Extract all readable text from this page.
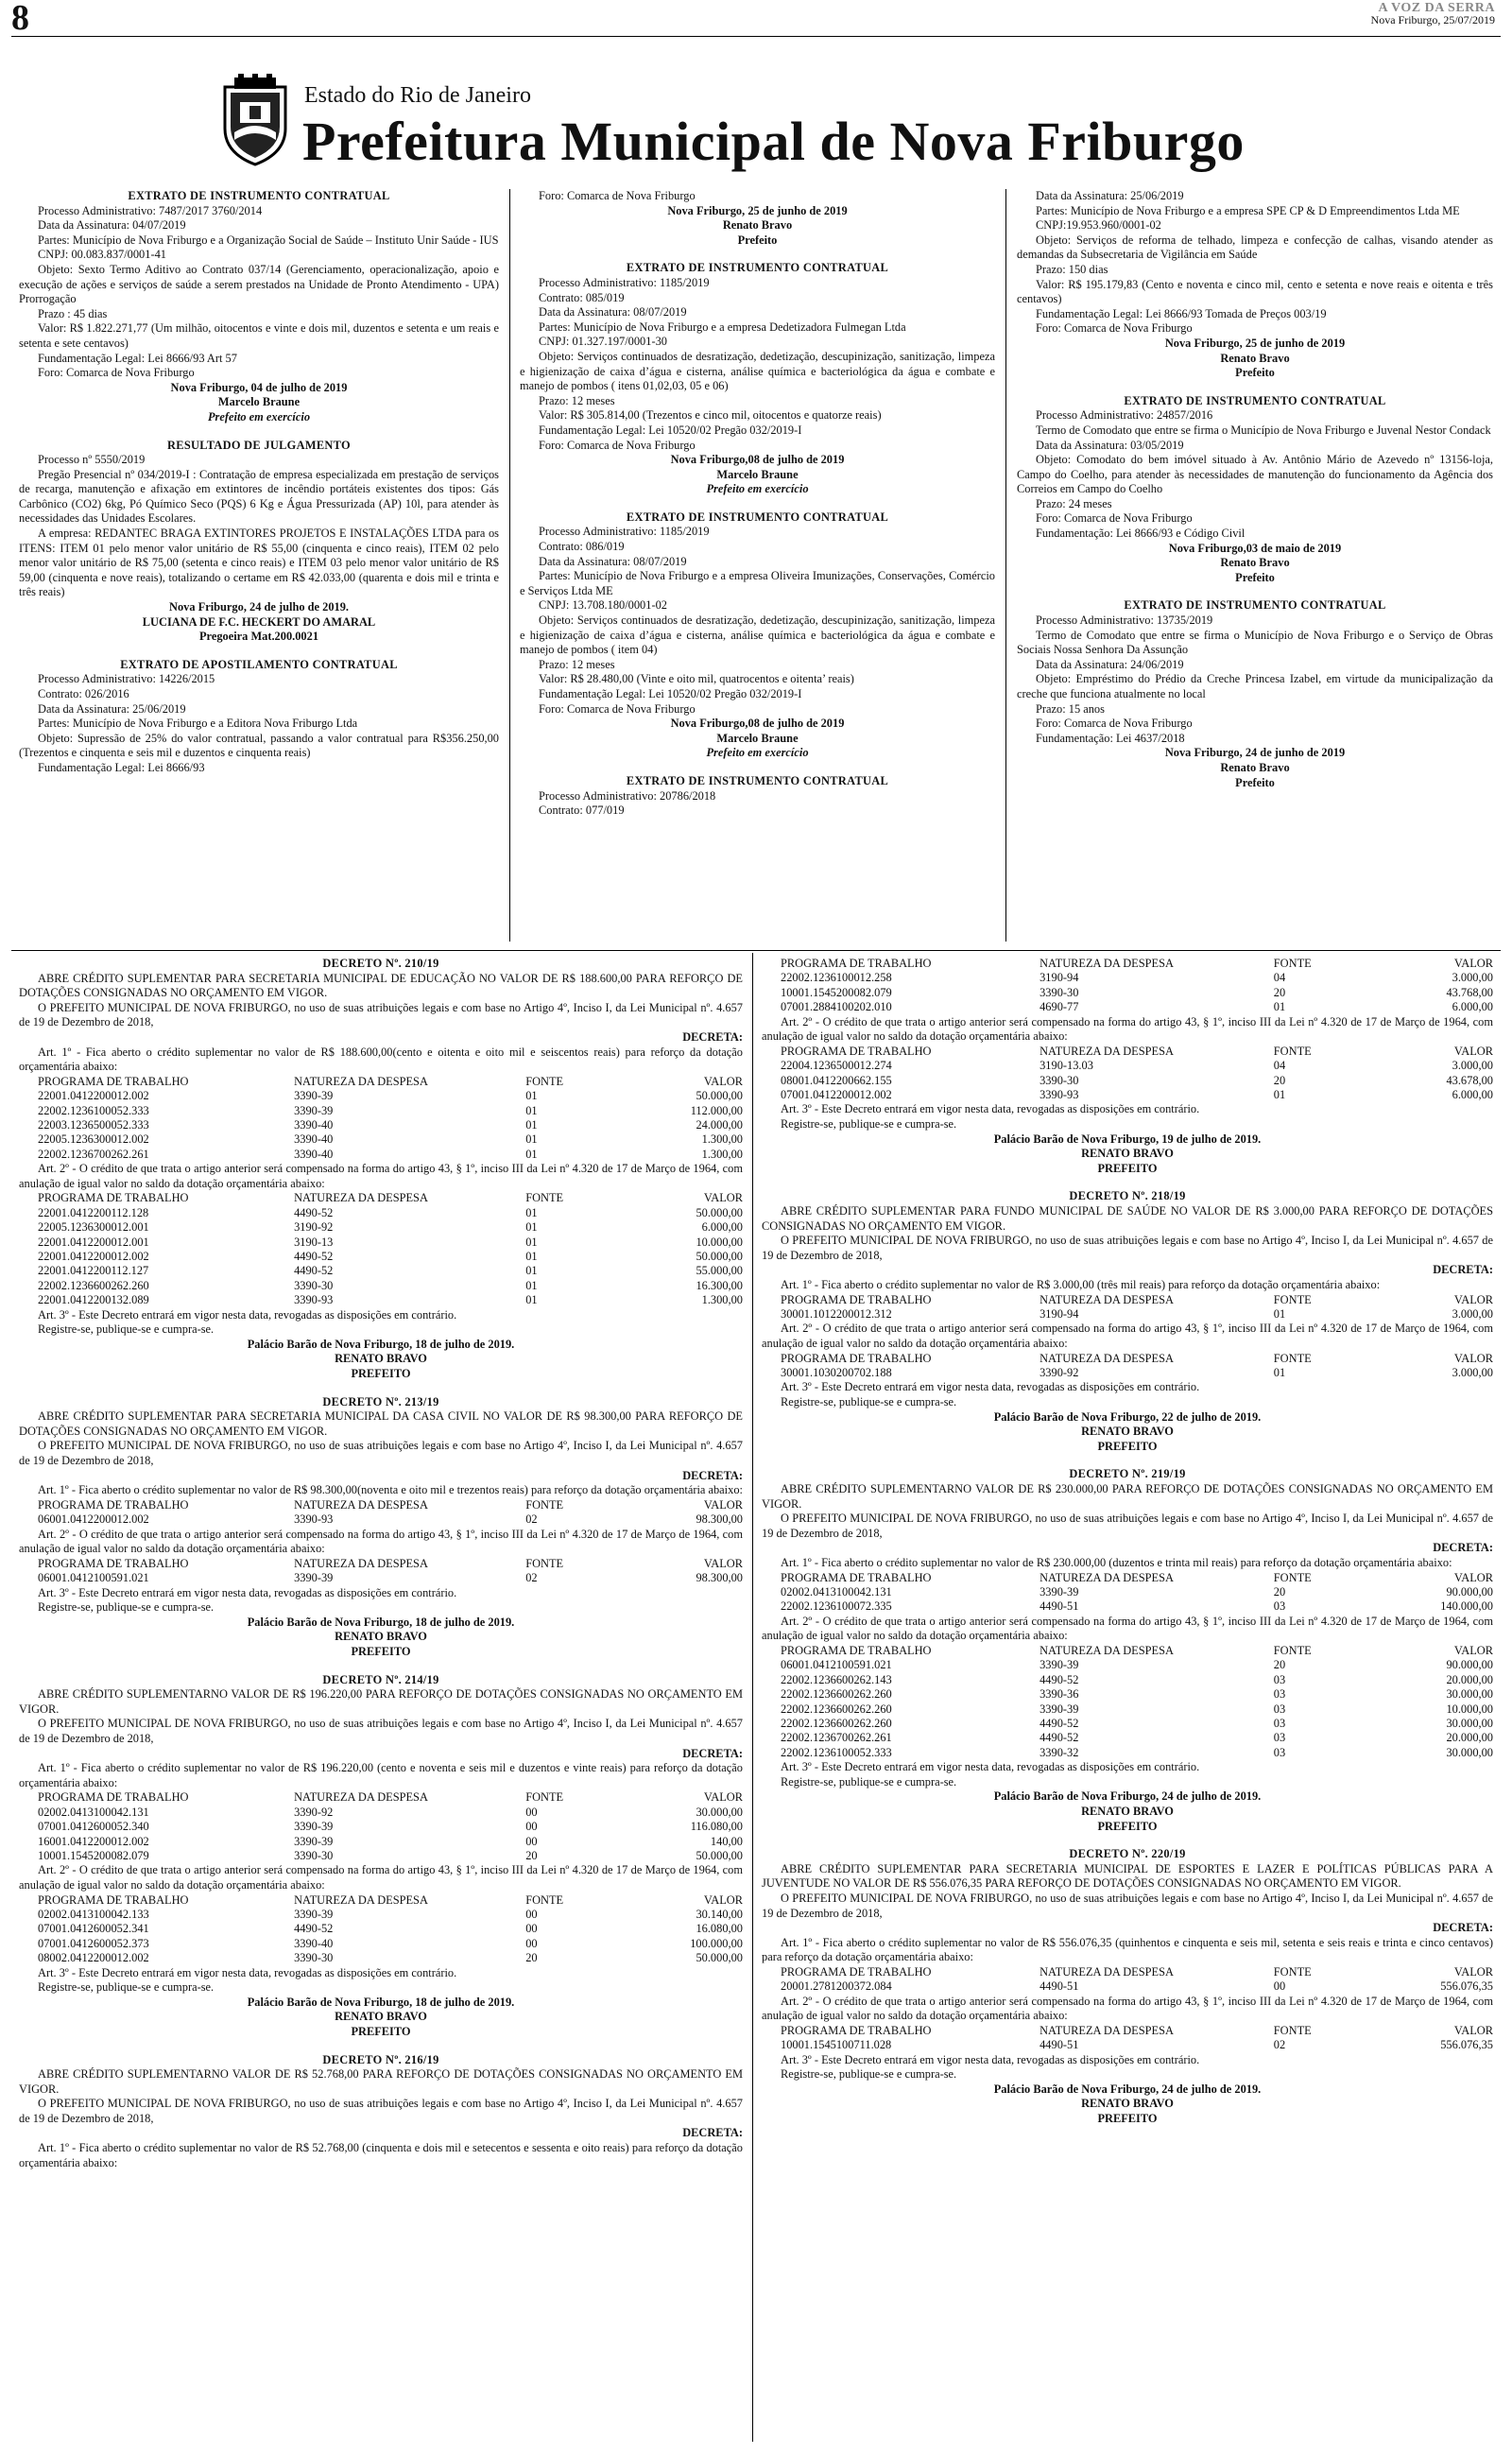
8	A VOZ DA SERRA
Nova Friburgo, 25/07/2019
Estado do Rio de Janeiro
Prefeitura Municipal de Nova Friburgo

EXTRATO DE INSTRUMENTO CONTRATUAL

Processo Administrativo: 7487/2017 3760/2014

Data da Assinatura: 04/07/2019

Partes: Município de Nova Friburgo e a Organização Social de Saúde – Instituto Unir Saúde - IUS

CNPJ: 00.083.837/0001-41

Objeto: Sexto Termo Aditivo ao Contrato 037/14 (Gerenciamento, operacionalização, apoio e execução de ações e serviços de saúde a serem prestados na Unidade de Pronto Atendimento - UPA) Prorrogação

Prazo : 45 dias

Valor: R$ 1.822.271,77 (Um milhão, oitocentos e vinte e dois mil, duzentos e setenta e um reais e setenta e sete centavos)

Fundamentação Legal: Lei 8666/93 Art 57

Foro: Comarca de Nova Friburgo

Nova Friburgo, 04 de julho de 2019

Marcelo Braune

Prefeito em exercício

RESULTADO DE JULGAMENTO

Processo nº 5550/2019

Pregão Presencial nº 034/2019-I : Contratação de empresa especializada em prestação de serviços de recarga, manutenção e afixação em extintores de incêndio portáteis existentes dos tipos: Gás Carbônico (CO2) 6kg, Pó Químico Seco (PQS) 6 Kg e Água Pressurizada (AP) 10l, para atender às necessidades das Unidades Escolares.

A empresa: REDANTEC BRAGA EXTINTORES PROJETOS E INSTALAÇÕES LTDA para os ITENS: ITEM 01 pelo menor valor unitário de R$ 55,00 (cinquenta e cinco reais), ITEM 02 pelo menor valor unitário de R$ 75,00 (setenta e cinco reais) e ITEM 03 pelo menor valor unitário de R$ 59,00 (cinquenta e nove reais), totalizando o certame em R$ 42.033,00 (quarenta e dois mil e trinta e três reais)

Nova Friburgo, 24 de julho de 2019.

LUCIANA DE F.C. HECKERT DO AMARAL

Pregoeira Mat.200.0021

EXTRATO DE APOSTILAMENTO CONTRATUAL

Processo Administrativo: 14226/2015

Contrato: 026/2016

Data da Assinatura: 25/06/2019

Partes: Município de Nova Friburgo e a Editora Nova Friburgo Ltda

Objeto: Supressão de 25% do valor contratual, passando a valor contratual para R$356.250,00 (Trezentos e cinquenta e seis mil e duzentos e cinquenta reais)

Fundamentação Legal: Lei 8666/93

Foro: Comarca de Nova Friburgo

Nova Friburgo, 25 de junho de 2019

Renato Bravo

Prefeito

EXTRATO DE INSTRUMENTO CONTRATUAL

Processo Administrativo: 1185/2019

Contrato: 085/019

Data da Assinatura: 08/07/2019

Partes: Município de Nova Friburgo e a empresa Dedetizadora Fulmegan Ltda

CNPJ: 01.327.197/0001-30

Objeto: Serviços continuados de desratização, dedetização, descupinização, sanitização, limpeza e higienização de caixa d’água e cisterna, análise química e bacteriológica da água e combate e manejo de pombos ( itens 01,02,03, 05 e 06)

Prazo: 12 meses

Valor: R$ 305.814,00 (Trezentos e cinco mil, oitocentos e quatorze reais)

Fundamentação Legal: Lei 10520/02 Pregão 032/2019-I

Foro: Comarca de Nova Friburgo

Nova Friburgo,08 de julho de 2019

Marcelo Braune

Prefeito em exercício

EXTRATO DE INSTRUMENTO CONTRATUAL

Processo Administrativo: 1185/2019

Contrato: 086/019

Data da Assinatura: 08/07/2019

Partes: Município de Nova Friburgo e a empresa Oliveira Imunizações, Conservações, Comércio e Serviços Ltda ME

CNPJ: 13.708.180/0001-02

Objeto: Serviços continuados de desratização, dedetização, descupinização, sanitização, limpeza e higienização de caixa d’água e cisterna, análise química e bacteriológica da água e combate e manejo de pombos ( item 04)

Prazo: 12 meses

Valor: R$ 28.480,00 (Vinte e oito mil, quatrocentos e oitenta’ reais)

Fundamentação Legal: Lei 10520/02 Pregão 032/2019-I

Foro: Comarca de Nova Friburgo

Nova Friburgo,08 de julho de 2019

Marcelo Braune

Prefeito em exercício

EXTRATO DE INSTRUMENTO CONTRATUAL

Processo Administrativo: 20786/2018

Contrato: 077/019

Data da Assinatura: 25/06/2019

Partes: Município de Nova Friburgo e a empresa SPE CP & D Empreendimentos Ltda ME

CNPJ:19.953.960/0001-02

Objeto: Serviços de reforma de telhado, limpeza e confecção de calhas, visando atender as demandas da Subsecretaria de Vigilância em Saúde

Prazo: 150 dias

Valor: R$ 195.179,83 (Cento e noventa e cinco mil, cento e setenta e nove reais e oitenta e três centavos)

Fundamentação Legal: Lei 8666/93 Tomada de Preços 003/19

Foro: Comarca de Nova Friburgo

Nova Friburgo, 25 de junho de 2019

Renato Bravo

Prefeito

EXTRATO DE INSTRUMENTO CONTRATUAL

Processo Administrativo: 24857/2016

Termo de Comodato que entre se firma o Município de Nova Friburgo e Juvenal Nestor Condack

Data da Assinatura: 03/05/2019

Objeto: Comodato do bem imóvel situado à Av. Antônio Mário de Azevedo nº 13156-loja, Campo do Coelho, para atender às necessidades de manutenção do funcionamento da Agência dos Correios em Campo do Coelho

Prazo: 24 meses

Foro: Comarca de Nova Friburgo

Fundamentação: Lei 8666/93 e Código Civil

Nova Friburgo,03 de maio de 2019

Renato Bravo

Prefeito

EXTRATO DE INSTRUMENTO CONTRATUAL

Processo Administrativo: 13735/2019

Termo de Comodato que entre se firma o Município de Nova Friburgo e o Serviço de Obras Sociais Nossa Senhora Da Assunção

Data da Assinatura: 24/06/2019

Objeto: Empréstimo do Prédio da Creche Princesa Izabel, em virtude da municipalização da creche que funciona atualmente no local

Prazo: 15 anos

Foro: Comarca de Nova Friburgo

Fundamentação: Lei 4637/2018

Nova Friburgo, 24 de junho de 2019

Renato Bravo

Prefeito

DECRETO Nº. 210/19

ABRE CRÉDITO SUPLEMENTAR PARA SECRETARIA MUNICIPAL DE EDUCAÇÃO NO VALOR DE R$ 188.600,00 PARA REFORÇO DE DOTAÇÕES CONSIGNADAS NO ORÇAMENTO EM VIGOR.

O PREFEITO MUNICIPAL DE NOVA FRIBURGO, no uso de suas atribuições legais e com base no Artigo 4º, Inciso I, da Lei Municipal nº. 4.657 de 19 de Dezembro de 2018,

DECRETA:

Art. 1º - Fica aberto o crédito suplementar no valor de R$ 188.600,00(cento e oitenta e oito mil e seiscentos reais) para reforço da dotação orçamentária abaixo:

PROGRAMA DE TRABALHO	NATUREZA DA DESPESA	FONTE	VALOR
22001.0412200012.002	3390-39	01	50.000,00
22002.1236100052.333	3390-39	01	112.000,00
22003.1236500052.333	3390-40	01	24.000,00
22005.1236300012.002	3390-40	01	1.300,00
22002.1236700262.261	3390-40	01	1.300,00

Art. 2º - O crédito de que trata o artigo anterior será compensado na forma do artigo 43, § 1º, inciso III da Lei nº 4.320 de 17 de Março de 1964, com anulação de igual valor no saldo da dotação orçamentária abaixo:

PROGRAMA DE TRABALHO	NATUREZA DA DESPESA	FONTE	VALOR
22001.0412200112.128	4490-52	01	50.000,00
22005.1236300012.001	3190-92	01	6.000,00
22001.0412200012.001	3190-13	01	10.000,00
22001.0412200012.002	4490-52	01	50.000,00
22001.0412200112.127	4490-52	01	55.000,00
22002.1236600262.260	3390-30	01	16.300,00
22001.0412200132.089	3390-93	01	1.300,00

Art. 3º - Este Decreto entrará em vigor nesta data, revogadas as disposições em contrário.

Registre-se, publique-se e cumpra-se.

Palácio Barão de Nova Friburgo, 18 de julho de 2019.

RENATO BRAVO

PREFEITO

DECRETO Nº. 213/19

ABRE CRÉDITO SUPLEMENTAR PARA SECRETARIA MUNICIPAL DA CASA CIVIL NO VALOR DE R$ 98.300,00 PARA REFORÇO DE DOTAÇÕES CONSIGNADAS NO ORÇAMENTO EM VIGOR.

O PREFEITO MUNICIPAL DE NOVA FRIBURGO, no uso de suas atribuições legais e com base no Artigo 4º, Inciso I, da Lei Municipal nº. 4.657 de 19 de Dezembro de 2018,

DECRETA:

Art. 1º - Fica aberto o crédito suplementar no valor de R$ 98.300,00(noventa e oito mil e trezentos reais) para reforço da dotação orçamentária abaixo:

PROGRAMA DE TRABALHO	NATUREZA DA DESPESA	FONTE	VALOR
06001.0412200012.002	3390-93	02	98.300,00

Art. 2º - O crédito de que trata o artigo anterior será compensado na forma do artigo 43, § 1º, inciso III da Lei nº 4.320 de 17 de Março de 1964, com anulação de igual valor no saldo da dotação orçamentária abaixo:

PROGRAMA DE TRABALHO	NATUREZA DA DESPESA	FONTE	VALOR
06001.0412100591.021	3390-39	02	98.300,00

Art. 3º - Este Decreto entrará em vigor nesta data, revogadas as disposições em contrário.

Registre-se, publique-se e cumpra-se.

Palácio Barão de Nova Friburgo, 18 de julho de 2019.

RENATO BRAVO

PREFEITO

DECRETO Nº. 214/19

ABRE CRÉDITO SUPLEMENTARNO VALOR DE R$ 196.220,00 PARA REFORÇO DE DOTAÇÕES CONSIGNADAS NO ORÇAMENTO EM VIGOR.

O PREFEITO MUNICIPAL DE NOVA FRIBURGO, no uso de suas atribuições legais e com base no Artigo 4º, Inciso I, da Lei Municipal nº. 4.657 de 19 de Dezembro de 2018,

DECRETA:

Art. 1º - Fica aberto o crédito suplementar no valor de R$ 196.220,00 (cento e noventa e seis mil e duzentos e vinte reais) para reforço da dotação orçamentária abaixo:

PROGRAMA DE TRABALHO	NATUREZA DA DESPESA	FONTE	VALOR
02002.0413100042.131	3390-92	00	30.000,00
07001.0412600052.340	3390-39	00	116.080,00
16001.0412200012.002	3390-39	00	140,00
10001.1545200082.079	3390-30	20	50.000,00

Art. 2º - O crédito de que trata o artigo anterior será compensado na forma do artigo 43, § 1º, inciso III da Lei nº 4.320 de 17 de Março de 1964, com anulação de igual valor no saldo da dotação orçamentária abaixo:

PROGRAMA DE TRABALHO	NATUREZA DA DESPESA	FONTE	VALOR
02002.0413100042.133	3390-39	00	30.140,00
07001.0412600052.341	4490-52	00	16.080,00
07001.0412600052.373	3390-40	00	100.000,00
08002.0412200012.002	3390-30	20	50.000,00

Art. 3º - Este Decreto entrará em vigor nesta data, revogadas as disposições em contrário.

Registre-se, publique-se e cumpra-se.

Palácio Barão de Nova Friburgo, 18 de julho de 2019.

RENATO BRAVO

PREFEITO

DECRETO Nº. 216/19

ABRE CRÉDITO SUPLEMENTARNO VALOR DE R$ 52.768,00 PARA REFORÇO DE DOTAÇÕES CONSIGNADAS NO ORÇAMENTO EM VIGOR.

O PREFEITO MUNICIPAL DE NOVA FRIBURGO, no uso de suas atribuições legais e com base no Artigo 4º, Inciso I, da Lei Municipal nº. 4.657 de 19 de Dezembro de 2018,

DECRETA:

Art. 1º - Fica aberto o crédito suplementar no valor de R$ 52.768,00 (cinquenta e dois mil e setecentos e sessenta e oito reais) para reforço da dotação orçamentária abaixo:

PROGRAMA DE TRABALHO	NATUREZA DA DESPESA	FONTE	VALOR
22002.1236100012.258	3190-94	04	3.000,00
10001.1545200082.079	3390-30	20	43.768,00
07001.2884100202.010	4690-77	01	6.000,00

Art. 2º - O crédito de que trata o artigo anterior será compensado na forma do artigo 43, § 1º, inciso III da Lei nº 4.320 de 17 de Março de 1964, com anulação de igual valor no saldo da dotação orçamentária abaixo:

PROGRAMA DE TRABALHO	NATUREZA DA DESPESA	FONTE	VALOR
22004.1236500012.274	3190-13.03	04	3.000,00
08001.0412200662.155	3390-30	20	43.678,00
07001.0412200012.002	3390-93	01	6.000,00

Art. 3º - Este Decreto entrará em vigor nesta data, revogadas as disposições em contrário.

Registre-se, publique-se e cumpra-se.

Palácio Barão de Nova Friburgo, 19 de julho de 2019.

RENATO BRAVO

PREFEITO

DECRETO Nº. 218/19

ABRE CRÉDITO SUPLEMENTAR PARA FUNDO MUNICIPAL DE SAÚDE NO VALOR DE R$ 3.000,00 PARA REFORÇO DE DOTAÇÕES CONSIGNADAS NO ORÇAMENTO EM VIGOR.

O PREFEITO MUNICIPAL DE NOVA FRIBURGO, no uso de suas atribuições legais e com base no Artigo 4º, Inciso I, da Lei Municipal nº. 4.657 de 19 de Dezembro de 2018,

DECRETA:

Art. 1º - Fica aberto o crédito suplementar no valor de R$ 3.000,00 (três mil reais) para reforço da dotação orçamentária abaixo:

PROGRAMA DE TRABALHO	NATUREZA DA DESPESA	FONTE	VALOR
30001.1012200012.312	3190-94	01	3.000,00

Art. 2º - O crédito de que trata o artigo anterior será compensado na forma do artigo 43, § 1º, inciso III da Lei nº 4.320 de 17 de Março de 1964, com anulação de igual valor no saldo da dotação orçamentária abaixo:

PROGRAMA DE TRABALHO	NATUREZA DA DESPESA	FONTE	VALOR
30001.1030200702.188	3390-92	01	3.000,00

Art. 3º - Este Decreto entrará em vigor nesta data, revogadas as disposições em contrário.

Registre-se, publique-se e cumpra-se.

Palácio Barão de Nova Friburgo, 22 de julho de 2019.

RENATO BRAVO

PREFEITO

DECRETO Nº. 219/19

ABRE CRÉDITO SUPLEMENTARNO VALOR DE R$ 230.000,00 PARA REFORÇO DE DOTAÇÕES CONSIGNADAS NO ORÇAMENTO EM VIGOR.

O PREFEITO MUNICIPAL DE NOVA FRIBURGO, no uso de suas atribuições legais e com base no Artigo 4º, Inciso I, da Lei Municipal nº. 4.657 de 19 de Dezembro de 2018,

DECRETA:

Art. 1º - Fica aberto o crédito suplementar no valor de R$ 230.000,00 (duzentos e trinta mil reais) para reforço da dotação orçamentária abaixo:

PROGRAMA DE TRABALHO	NATUREZA DA DESPESA	FONTE	VALOR
02002.0413100042.131	3390-39	20	90.000,00
22002.1236100072.335	4490-51	03	140.000,00

Art. 2º - O crédito de que trata o artigo anterior será compensado na forma do artigo 43, § 1º, inciso III da Lei nº 4.320 de 17 de Março de 1964, com anulação de igual valor no saldo da dotação orçamentária abaixo:

PROGRAMA DE TRABALHO	NATUREZA DA DESPESA	FONTE	VALOR
06001.0412100591.021	3390-39	20	90.000,00
22002.1236600262.143	4490-52	03	20.000,00
22002.1236600262.260	3390-36	03	30.000,00
22002.1236600262.260	3390-39	03	10.000,00
22002.1236600262.260	4490-52	03	30.000,00
22002.1236700262.261	4490-52	03	20.000,00
22002.1236100052.333	3390-32	03	30.000,00

Art. 3º - Este Decreto entrará em vigor nesta data, revogadas as disposições em contrário.

Registre-se, publique-se e cumpra-se.

Palácio Barão de Nova Friburgo, 24 de julho de 2019.

RENATO BRAVO

PREFEITO

DECRETO Nº. 220/19

ABRE CRÉDITO SUPLEMENTAR PARA SECRETARIA MUNICIPAL DE ESPORTES E LAZER E POLÍTICAS PÚBLICAS PARA A JUVENTUDE NO VALOR DE R$ 556.076,35 PARA REFORÇO DE DOTAÇÕES CONSIGNADAS NO ORÇAMENTO EM VIGOR.

O PREFEITO MUNICIPAL DE NOVA FRIBURGO, no uso de suas atribuições legais e com base no Artigo 4º, Inciso I, da Lei Municipal nº. 4.657 de 19 de Dezembro de 2018,

DECRETA:

Art. 1º - Fica aberto o crédito suplementar no valor de R$ 556.076,35 (quinhentos e cinquenta e seis mil, setenta e seis reais e trinta e cinco centavos) para reforço da dotação orçamentária abaixo:

PROGRAMA DE TRABALHO	NATUREZA DA DESPESA	FONTE	VALOR
20001.2781200372.084	4490-51	00	556.076,35

Art. 2º - O crédito de que trata o artigo anterior será compensado na forma do artigo 43, § 1º, inciso III da Lei nº 4.320 de 17 de Março de 1964, com anulação de igual valor no saldo da dotação orçamentária abaixo:

PROGRAMA DE TRABALHO	NATUREZA DA DESPESA	FONTE	VALOR
10001.1545100711.028	4490-51	02	556.076,35

Art. 3º - Este Decreto entrará em vigor nesta data, revogadas as disposições em contrário.

Registre-se, publique-se e cumpra-se.

Palácio Barão de Nova Friburgo, 24 de julho de 2019.

RENATO BRAVO

PREFEITO
